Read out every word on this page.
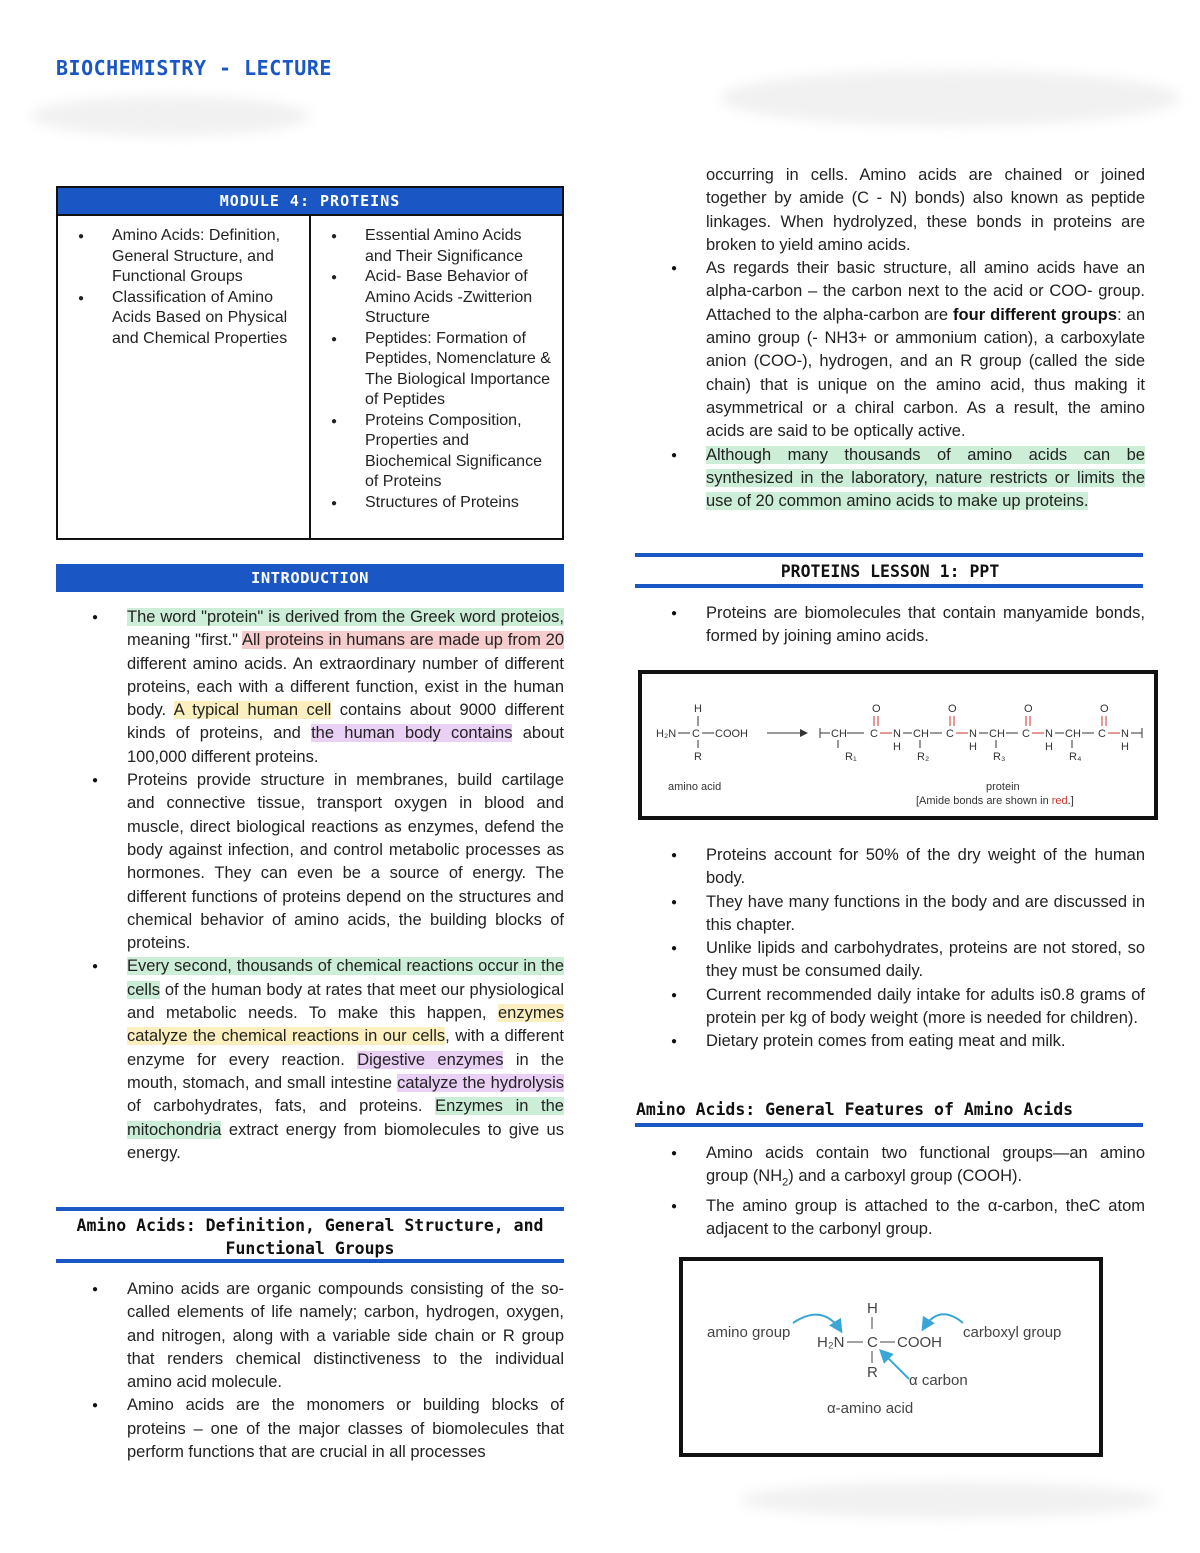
BIOCHEMISTRY - LECTURE
MODULE 4: PROTEINS
● Amino Acids: Definition, General Structure, and Functional Groups
● Classification of Amino Acids Based on Physical and Chemical Properties
● Essential Amino Acids and Their Significance
● Acid- Base Behavior of Amino Acids -Zwitterion Structure
● Peptides: Formation of Peptides, Nomenclature & The Biological Importance of Peptides
● Proteins Composition, Properties and Biochemical Significance of Proteins
● Structures of Proteins
INTRODUCTION
● The word "protein" is derived from the Greek word proteios, meaning "first." All proteins in humans are made up from 20 different amino acids. An extraordinary number of different proteins, each with a different function, exist in the human body. A typical human cell contains about 9000 different kinds of proteins, and the human body contains about 100,000 different proteins.
● Proteins provide structure in membranes, build cartilage and connective tissue, transport oxygen in blood and muscle, direct biological reactions as enzymes, defend the body against infection, and control metabolic processes as hormones. They can even be a source of energy. The different functions of proteins depend on the structures and chemical behavior of amino acids, the building blocks of proteins.
● Every second, thousands of chemical reactions occur in the cells of the human body at rates that meet our physiological and metabolic needs. To make this happen, enzymes catalyze the chemical reactions in our cells, with a different enzyme for every reaction. Digestive enzymes in the mouth, stomach, and small intestine catalyze the hydrolysis of carbohydrates, fats, and proteins. Enzymes in the mitochondria extract energy from biomolecules to give us energy.
Amino Acids: Definition, General Structure, and Functional Groups
● Amino acids are organic compounds consisting of the so-called elements of life namely; carbon, hydrogen, oxygen, and nitrogen, along with a variable side chain or R group that renders chemical distinctiveness to the individual amino acid molecule.
● Amino acids are the monomers or building blocks of proteins – one of the major classes of biomolecules that perform functions that are crucial in all processes
occurring in cells. Amino acids are chained or joined together by amide (C - N) bonds) also known as peptide linkages. When hydrolyzed, these bonds in proteins are broken to yield amino acids.
● As regards their basic structure, all amino acids have an alpha-carbon – the carbon next to the acid or COO- group. Attached to the alpha-carbon are four different groups: an amino group (- NH3+ or ammonium cation), a carboxylate anion (COO-), hydrogen, and an R group (called the side chain) that is unique on the amino acid, thus making it asymmetrical or a chiral carbon. As a result, the amino acids are said to be optically active.
● Although many thousands of amino acids can be synthesized in the laboratory, nature restricts or limits the use of 20 common amino acids to make up proteins.
PROTEINS LESSON 1: PPT
● Proteins are biomolecules that contain manyamide bonds, formed by joining amino acids.
H
H₂N C COOH
R
CH
R₁
O
C N
H
CH
R₂
O
C N
H
CH
R₃
O
C N
H
CH
R₄
O
C N
H
amino acid	protein
[Amide bonds are shown in red.]
● Proteins account for 50% of the dry weight of the human body.
● They have many functions in the body and are discussed in this chapter.
● Unlike lipids and carbohydrates, proteins are not stored, so they must be consumed daily.
● Current recommended daily intake for adults is0.8 grams of protein per kg of body weight (more is needed for children).
● Dietary protein comes from eating meat and milk.
Amino Acids: General Features of Amino Acids
● Amino acids contain two functional groups—an amino group $(NH_2)$ and a carboxyl group (COOH).
● The amino group is attached to the α-carbon, theC atom adjacent to the carbonyl group.
amino group	carboxyl group
H
H₂N C COOH
R α carbon
α-amino acid
